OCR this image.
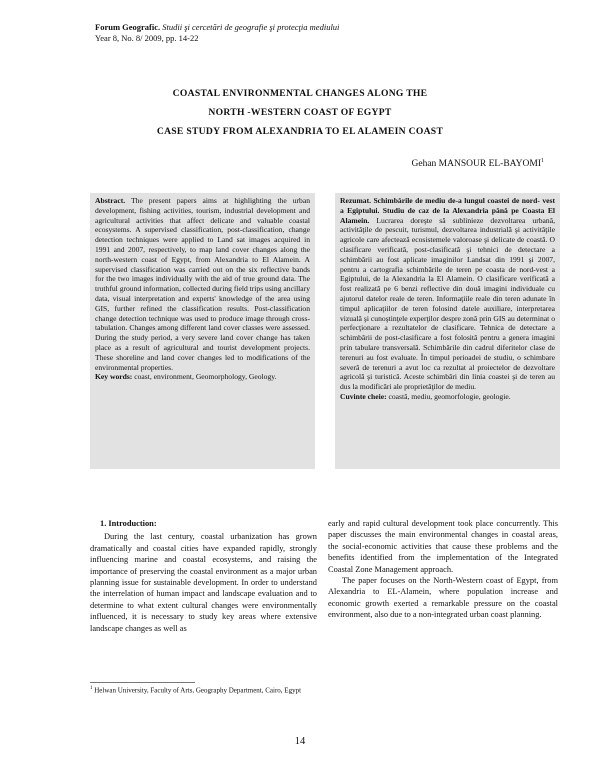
Forum Geografic. Studii şi cercetări de geografie şi protecţia mediului
Year 8, No. 8/ 2009, pp. 14-22
COASTAL ENVIRONMENTAL CHANGES ALONG THE
NORTH -WESTERN COAST OF EGYPT
CASE STUDY FROM ALEXANDRIA TO EL ALAMEIN COAST
Gehan MANSOUR EL-BAYOMI$^1$
Abstract. The present papers aims at highlighting the urban development, fishing activities, tourism, industrial development and agricultural activities that affect delicate and valuable coastal ecosystems. A supervised classification, post-classification, change detection techniques were applied to Land sat images acquired in 1991 and 2007, respectively, to map land cover changes along the north-western coast of Egypt, from Alexandria to El Alamein. A supervised classification was carried out on the six reflective bands for the two images individually with the aid of true ground data. The truthful ground information, collected during field trips using ancillary data, visual interpretation and experts' knowledge of the area using GIS, further refined the classification results. Post-classification change detection technique was used to produce image through cross-tabulation. Changes among different land cover classes were assessed. During the study period, a very severe land cover change has taken place as a result of agricultural and tourist development projects. These shoreline and land cover changes led to modifications of the environmental properties.
Key words: coast, environment, Geomorphology, Geology.
Rezumat. Schimbările de mediu de-a lungul coastei de nord- vest a Egiptului. Studiu de caz de la Alexandria până pe Coasta El Alamein. Lucrarea doreşte să sublinieze dezvoltarea urbană, activităţile de pescuit, turismul, dezvoltarea industrială şi activităţile agricole care afectează ecosistemele valoroase şi delicate de coastă. O clasificare verificată, post-clasificată şi tehnici de detectare a schimbării au fost aplicate imaginilor Landsat din 1991 şi 2007, pentru a cartografia schimbările de teren pe coasta de nord-vest a Egiptului, de la Alexandria la El Alamein. O clasificare verificată a fost realizată pe 6 benzi reflective din două imagini individuale cu ajutorul datelor reale de teren. Informaţiile reale din teren adunate în timpul aplicaţiilor de teren folosind datele auxiliare, interpretarea vizuală şi cunoştinţele experţilor despre zonă prin GIS au determinat o perfecţionare a rezultatelor de clasificare. Tehnica de detectare a schimbării de post-clasificare a fost folosită pentru a genera imagini prin tabulare transversală. Schimbările din cadrul diferitelor clase de terenuri au fost evaluate. În timpul perioadei de studiu, o schimbare severă de terenuri a avut loc ca rezultat al proiectelor de dezvoltare agricolă şi turistică. Aceste schimbări din linia coastei şi de teren au dus la modificări ale proprietăţilor de mediu.
Cuvinte cheie: coastă, mediu, geomorfologie, geologie.
1. Introduction:

During the last century, coastal urbanization has grown dramatically and coastal cities have expanded rapidly, strongly influencing marine and coastal ecosystems, and raising the importance of preserving the coastal environment as a major urban planning issue for sustainable development. In order to understand the interrelation of human impact and landscape evaluation and to determine to what extent cultural changes were environmentally influenced, it is necessary to study key areas where extensive landscape changes as well as

early and rapid cultural development took place concurrently. This paper discusses the main environmental changes in coastal areas, the social-economic activities that cause these problems and the benefits identified from the implementation of the Integrated Coastal Zone Management approach.

The paper focuses on the North-Western coast of Egypt, from Alexandria to EL-Alamein, where population increase and economic growth exerted a remarkable pressure on the coastal environment, also due to a non-integrated urban coast planning.

$^1$ Helwan University, Faculty of Arts, Geography Department, Cairo, Egypt
14
